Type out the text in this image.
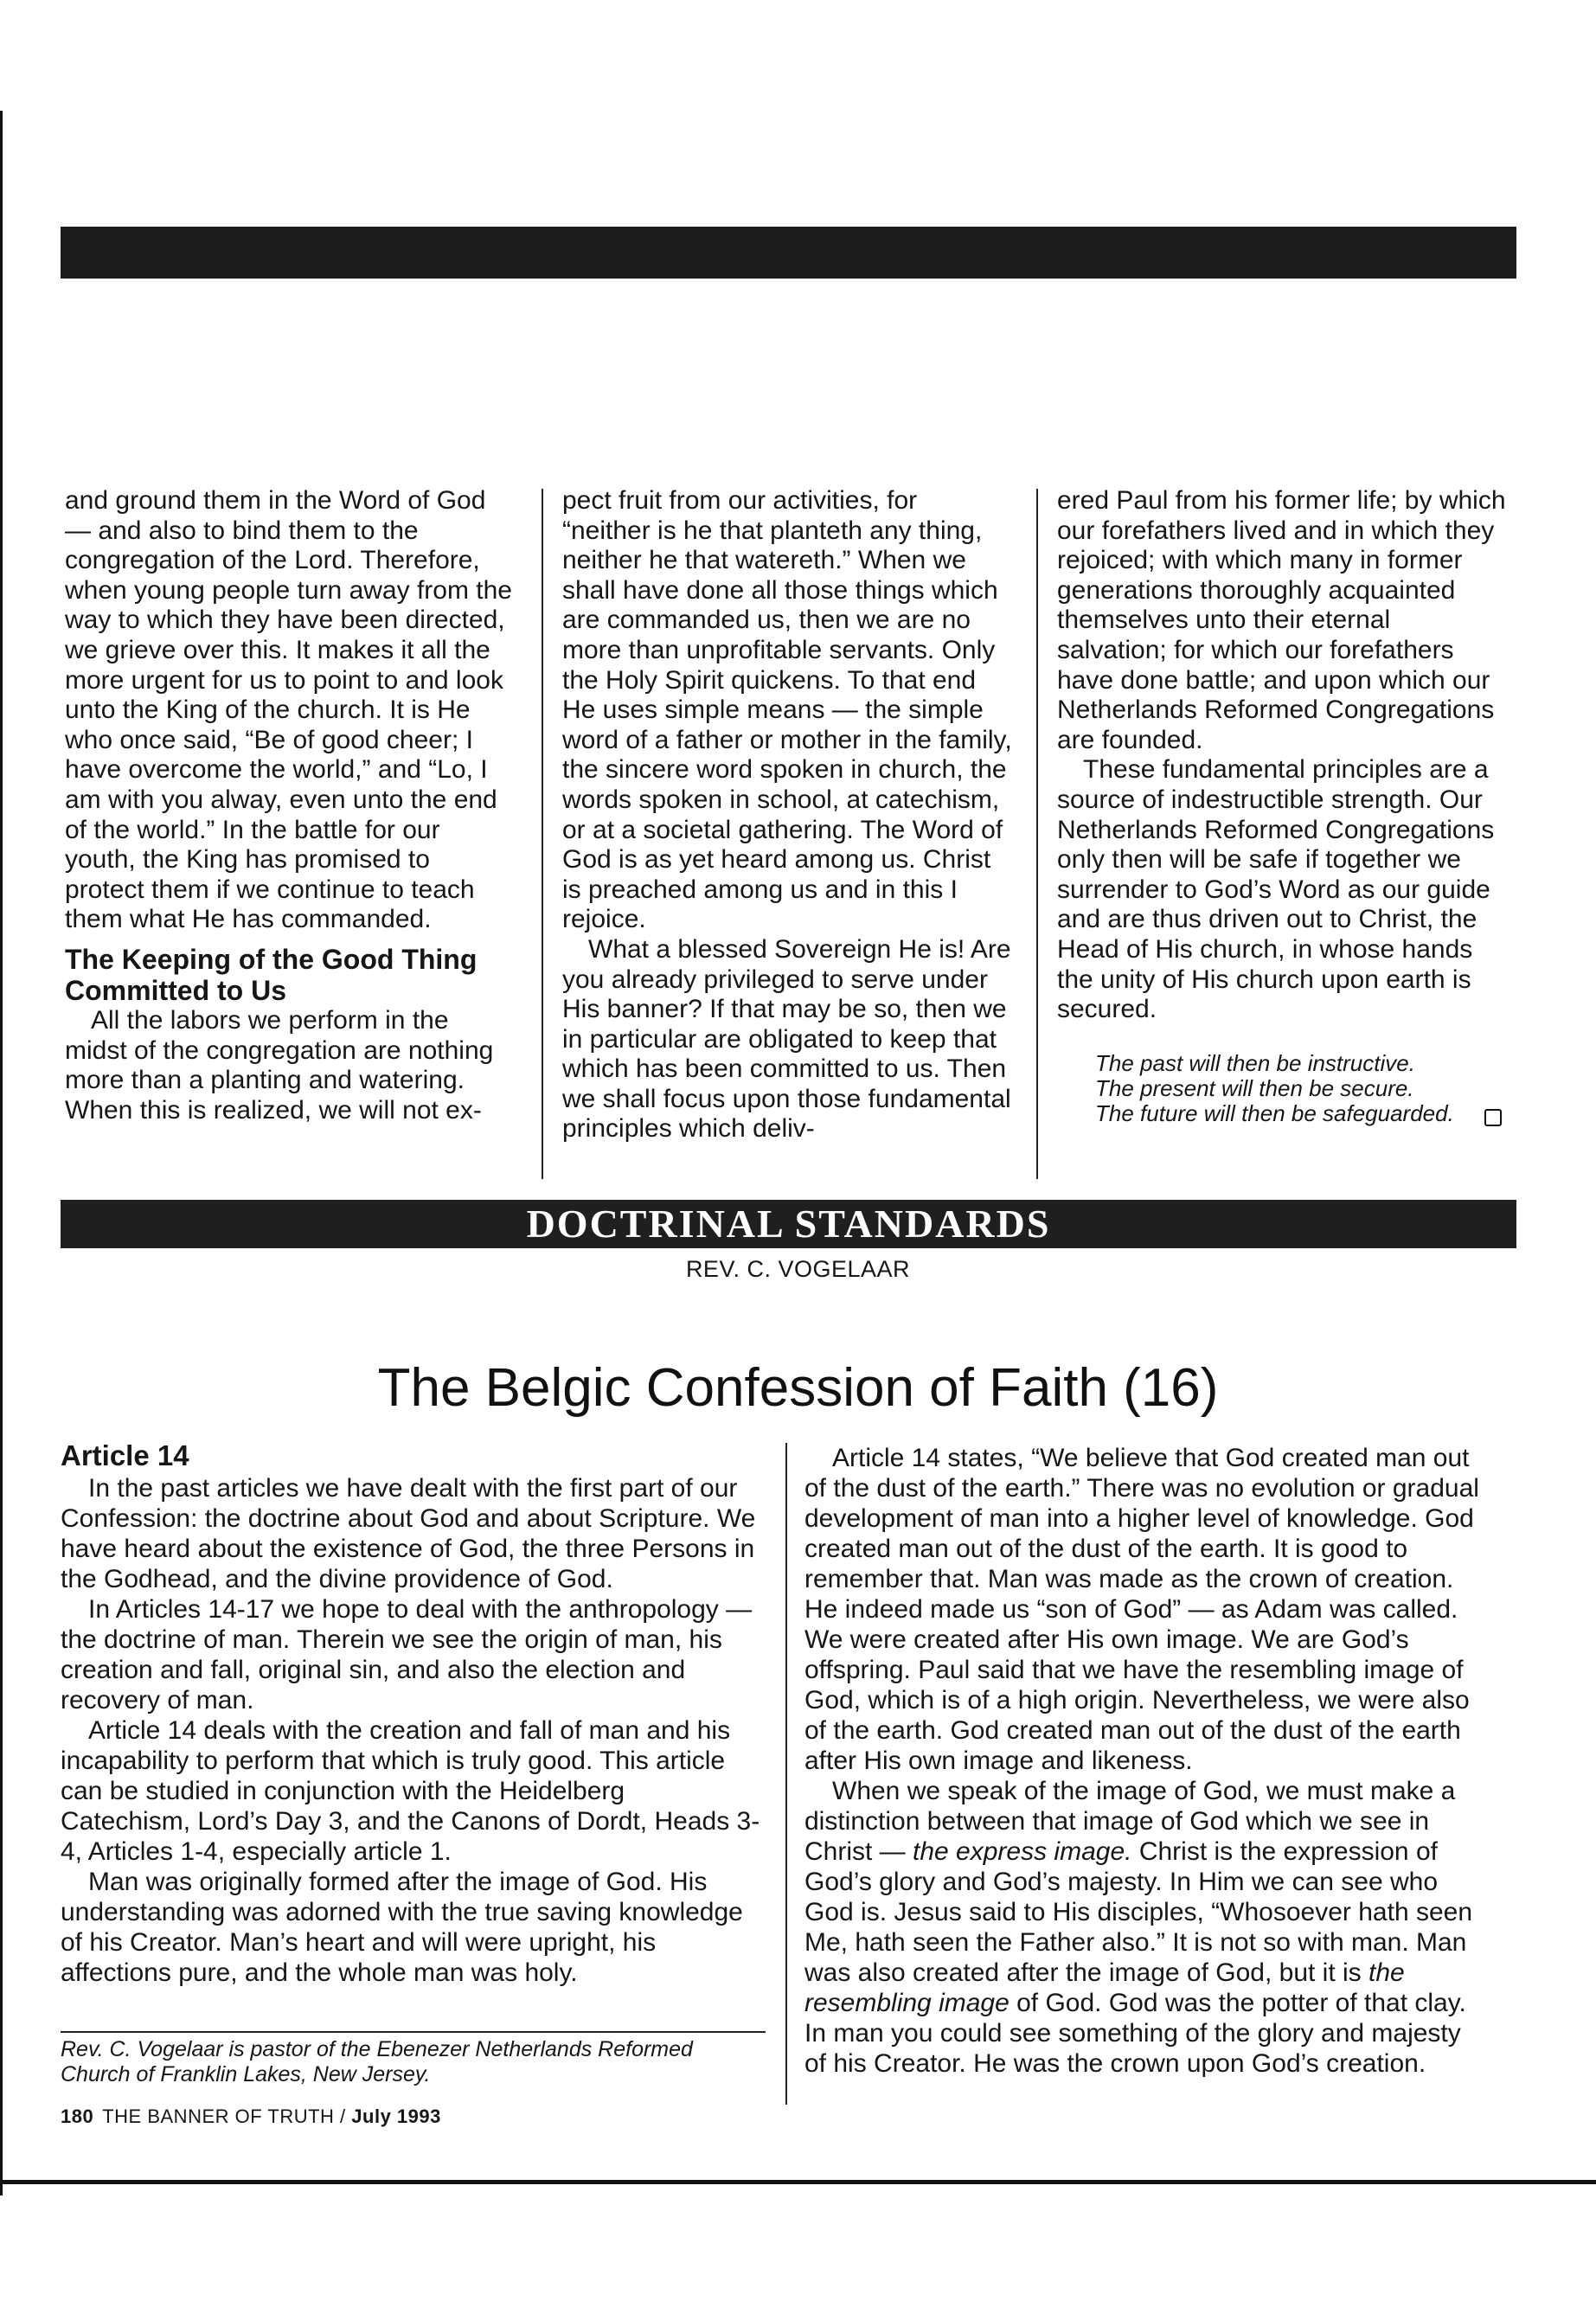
and ground them in the Word of God — and also to bind them to the congregation of the Lord. Therefore, when young people turn away from the way to which they have been directed, we grieve over this. It makes it all the more urgent for us to point to and look unto the King of the church. It is He who once said, “Be of good cheer; I have overcome the world,” and “Lo, I am with you alway, even unto the end of the world.” In the battle for our youth, the King has promised to protect them if we continue to teach them what He has commanded.

The Keeping of the Good Thing Committed to Us

All the labors we perform in the midst of the congregation are nothing more than a planting and watering. When this is realized, we will not ex-

pect fruit from our activities, for “neither is he that planteth any thing, neither he that watereth.” When we shall have done all those things which are commanded us, then we are no more than unprofitable servants. Only the Holy Spirit quickens. To that end He uses simple means — the simple word of a father or mother in the family, the sincere word spoken in church, the words spoken in school, at catechism, or at a societal gathering. The Word of God is as yet heard among us. Christ is preached among us and in this I rejoice.

What a blessed Sovereign He is! Are you already privileged to serve under His banner? If that may be so, then we in particular are obligated to keep that which has been committed to us. Then we shall focus upon those fundamental principles which deliv-

ered Paul from his former life; by which our forefathers lived and in which they rejoiced; with which many in former generations thoroughly acquainted themselves unto their eternal salvation; for which our forefathers have done battle; and upon which our Netherlands Reformed Congregations are founded.

These fundamental principles are a source of indestructible strength. Our Netherlands Reformed Congregations only then will be safe if together we surrender to God’s Word as our guide and are thus driven out to Christ, the Head of His church, in whose hands the unity of His church upon earth is secured.

The past will then be instructive.
The present will then be secure.
The future will then be safeguarded.
DOCTRINAL STANDARDS
REV. C. VOGELAAR
The Belgic Confession of Faith (16)
Article 14

In the past articles we have dealt with the first part of our Confession: the doctrine about God and about Scripture. We have heard about the existence of God, the three Persons in the Godhead, and the divine providence of God.

In Articles 14-17 we hope to deal with the anthropology — the doctrine of man. Therein we see the origin of man, his creation and fall, original sin, and also the election and recovery of man.

Article 14 deals with the creation and fall of man and his incapability to perform that which is truly good. This article can be studied in conjunction with the Heidelberg Catechism, Lord’s Day 3, and the Canons of Dordt, Heads 3-4, Articles 1-4, especially article 1.

Man was originally formed after the image of God. His understanding was adorned with the true saving knowledge of his Creator. Man’s heart and will were upright, his affections pure, and the whole man was holy.

Article 14 states, “We believe that God created man out of the dust of the earth.” There was no evolution or gradual development of man into a higher level of knowledge. God created man out of the dust of the earth. It is good to remember that. Man was made as the crown of creation. He indeed made us “son of God” — as Adam was called. We were created after His own image. We are God’s offspring. Paul said that we have the resembling image of God, which is of a high origin. Nevertheless, we were also of the earth. God created man out of the dust of the earth after His own image and likeness.

When we speak of the image of God, we must make a distinction between that image of God which we see in Christ — the express image. Christ is the expression of God’s glory and God’s majesty. In Him we can see who God is. Jesus said to His disciples, “Whosoever hath seen Me, hath seen the Father also.” It is not so with man. Man was also created after the image of God, but it is the resembling image of God. God was the potter of that clay. In man you could see something of the glory and majesty of his Creator. He was the crown upon God’s creation.

Rev. C. Vogelaar is pastor of the Ebenezer Netherlands Reformed Church of Franklin Lakes, New Jersey.
180 THE BANNER OF TRUTH / July 1993
